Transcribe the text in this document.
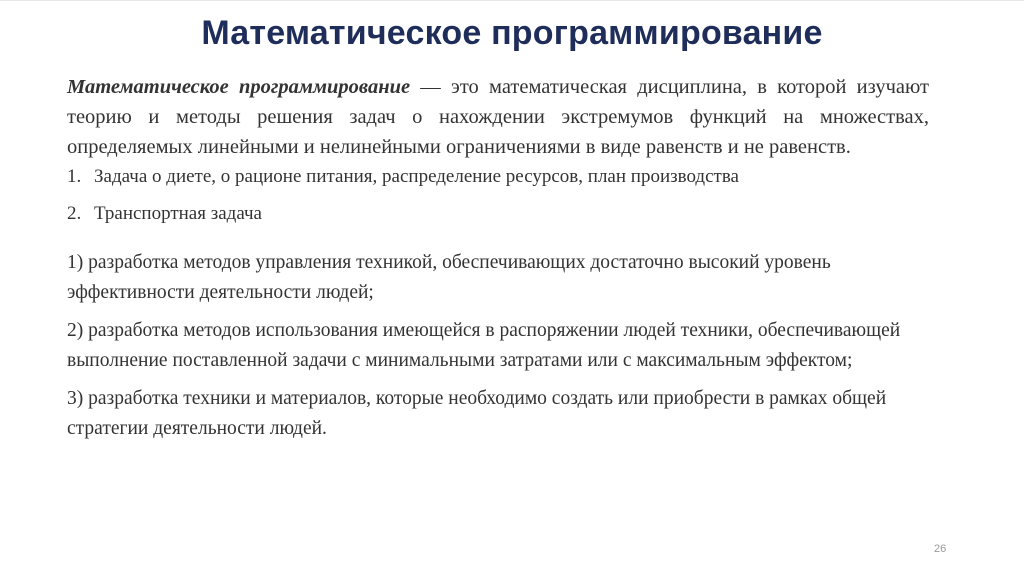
Математическое программирование

Математическое программирование — это математическая дисциплина, в которой изучают теорию и методы решения задач о нахождении экстремумов функций на множествах, определяемых линейными и нелинейными ограничениями в виде равенств и не равенств.

1. Задача о диете, о рационе питания, распределение ресурсов, план производства
2. Транспортная задача

1) разработка методов управления техникой, обеспечивающих достаточно высокий уровень эффективности деятельности людей;

2) разработка методов использования имеющейся в распоряжении людей техники, обеспечивающей выполнение поставленной задачи с минимальными затратами или с максимальным эффектом;

3) разработка техники и материалов, которые необходимо создать или приобрести в рамках общей стратегии деятельности людей.

26
